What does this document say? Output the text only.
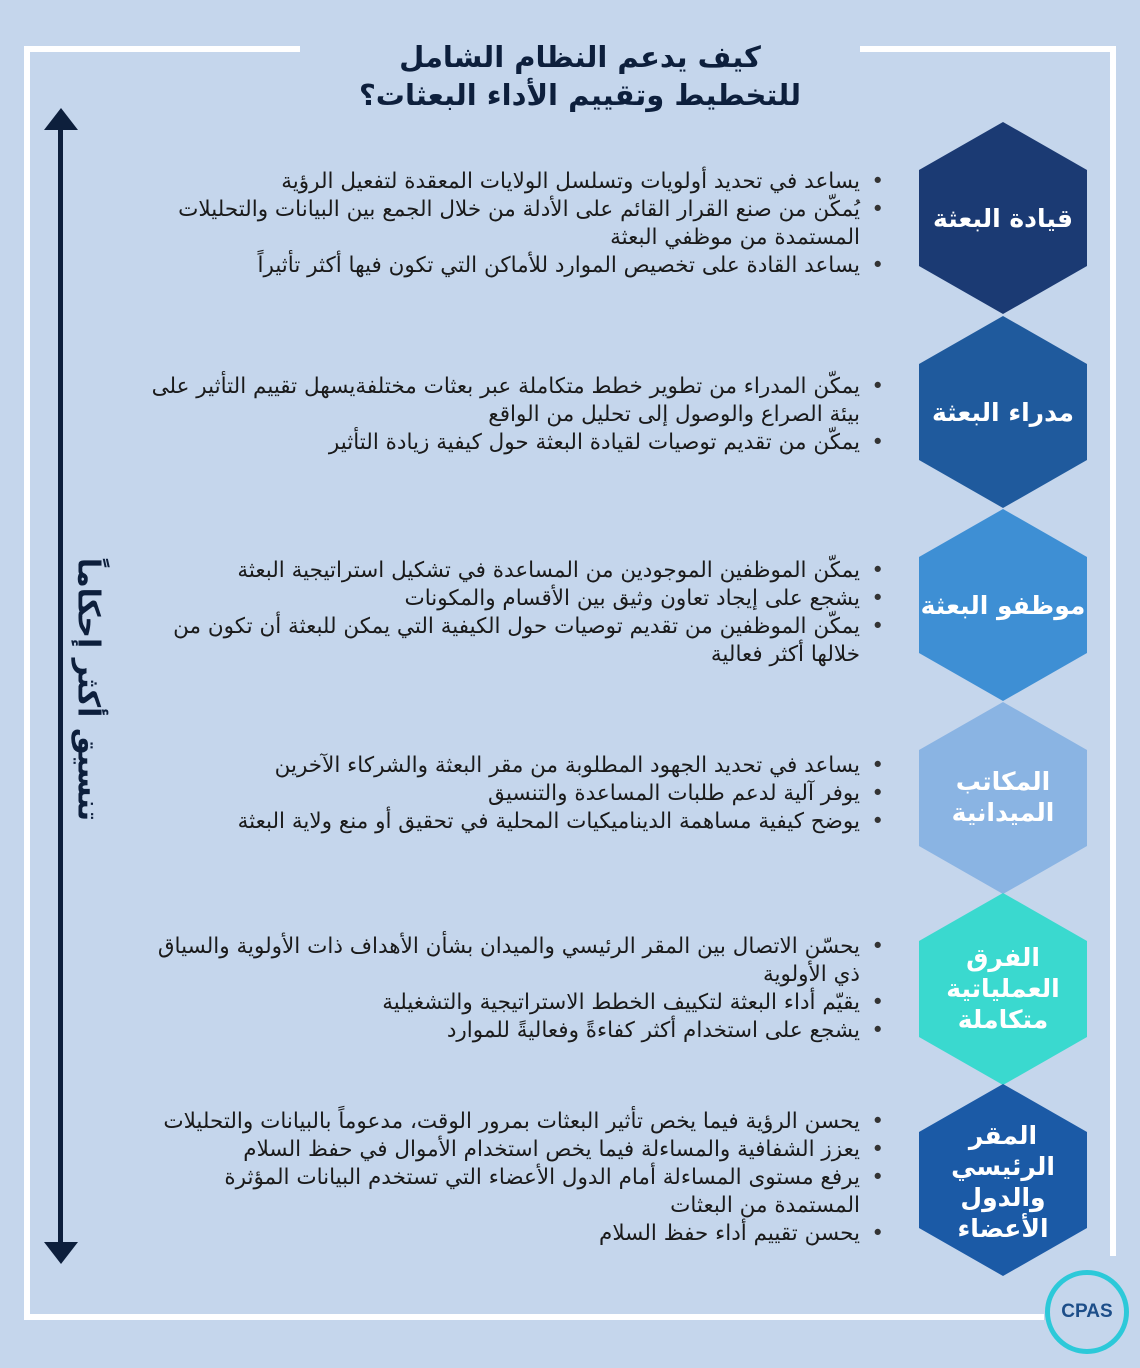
كيف يدعم النظام الشامل
للتخطيط وتقييم الأداء البعثات؟
تنسيق أكثر إحكاماً
قيادة البعثة
مدراء البعثة
موظفو البعثة
المكاتب الميدانية
الفرق العملياتية متكاملة
المقر الرئيسي والدول الأعضاء
• يساعد في تحديد أولويات وتسلسل الولايات المعقدة لتفعيل الرؤية
• يُمكّن من صنع القرار القائم على الأدلة من خلال الجمع بين البيانات والتحليلات المستمدة من موظفي البعثة
• يساعد القادة على تخصيص الموارد للأماكن التي تكون فيها أكثر تأثيراً
• يمكّن المدراء من تطوير خطط متكاملة عبر بعثات مختلفةيسهل تقييم التأثير على بيئة الصراع والوصول إلى تحليل من الواقع
• يمكّن من تقديم توصيات لقيادة البعثة حول كيفية زيادة التأثير
• يمكّن الموظفين الموجودين من المساعدة في تشكيل استراتيجية البعثة
• يشجع على إيجاد تعاون وثيق بين الأقسام والمكونات
• يمكّن الموظفين من تقديم توصيات حول الكيفية التي يمكن للبعثة أن تكون من خلالها أكثر فعالية
• يساعد في تحديد الجهود المطلوبة من مقر البعثة والشركاء الآخرين
• يوفر آلية لدعم طلبات المساعدة والتنسيق
• يوضح كيفية مساهمة الديناميكيات المحلية في تحقيق أو منع ولاية البعثة
• يحسّن الاتصال بين المقر الرئيسي والميدان بشأن الأهداف ذات الأولوية والسياق ذي الأولوية
• يقيّم أداء البعثة لتكييف الخطط الاستراتيجية والتشغيلية
• يشجع على استخدام أكثر كفاءةً وفعاليةً للموارد
• يحسن الرؤية فيما يخص تأثير البعثات بمرور الوقت، مدعوماً بالبيانات والتحليلات
• يعزز الشفافية والمساءلة فيما يخص استخدام الأموال في حفظ السلام
• يرفع مستوى المساءلة أمام الدول الأعضاء التي تستخدم البيانات المؤثرة المستمدة من البعثات
• يحسن تقييم أداء حفظ السلام
CPAS
